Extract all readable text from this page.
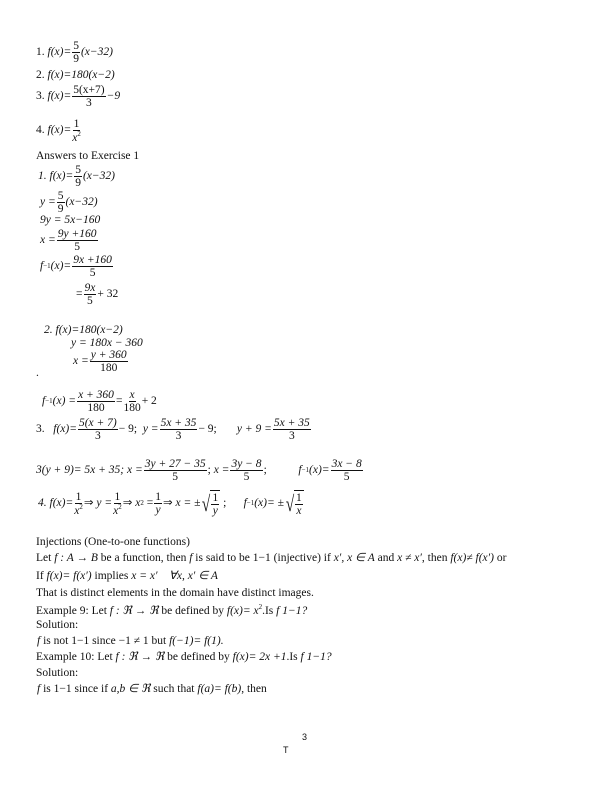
1.
$f(x)= \frac{5}{9} (x-32)$
2.
f(x)= 180(x−2)
3.
$f(x)= \frac{5(x+7)}{3} -9$
4.
$f(x)= \frac{1}{x^2}$
Answers to Exercise 1
1. $f(x)= \frac{5}{9} (x-32)$
$y = \frac{5}{9} (x-32)$
9y = 5x−160
$x = \frac{9y +160}{5}$
f −1 $(x)= \frac{9x +160}{5}$
= $\frac{9x}{5} + 32$
2. f(x)=180(x−2)
y = 180x − 360
$x = \frac{y + 360}{180}$
.
f −1 $(x) = \frac{x + 360}{180} = \frac{x}{180} + 2$
3.
$f(x)= \frac{5(x + 7)}{3} - 9$;
$y = \frac{5x + 35}{3} - 9$;
$y + 9 = \frac{5x + 35}{3}$
3(y + 9)= 5x + 35;
$x = \frac{3y + 27 - 35}{5}$ ;
$x = \frac{3y - 8}{5}$ ;
	f −1 $(x)= \frac{3x - 8}{5}$
4. $f(x)= \frac{1}{x^2}$ ⇒
$y = \frac{1}{x^2}$ ⇒
x 2
= $\frac{1}{y}$ ⇒
x = ± √ $\frac{1}{y}$
;
f −1 (x)= ± √ $\frac{1}{x}$
Injections (One-to-one functions)
Let f : A → B be a function, then f is said to be 1−1 (injective) if x′, x ∈ A and x ≠ x′, then f(x)≠ f(x′) or
If f(x)= f(x′) implies x = x′ ∀x, x′ ∈ A
That is distinct elements in the domain have distinct images.
Example 9: Let f : ℜ → ℜ be defined by $f(x)= x^2.Is$ f 1−1?
Solution:
f is not 1−1 since −1 ≠ 1 but f(−1)= f(1).
Example 10: Let f : ℜ → ℜ be defined by f(x)= 2x +1.Is f 1−1?
Solution:
f is 1−1 since if a,b ∈ ℜ such that f(a)= f(b), then
3
T
